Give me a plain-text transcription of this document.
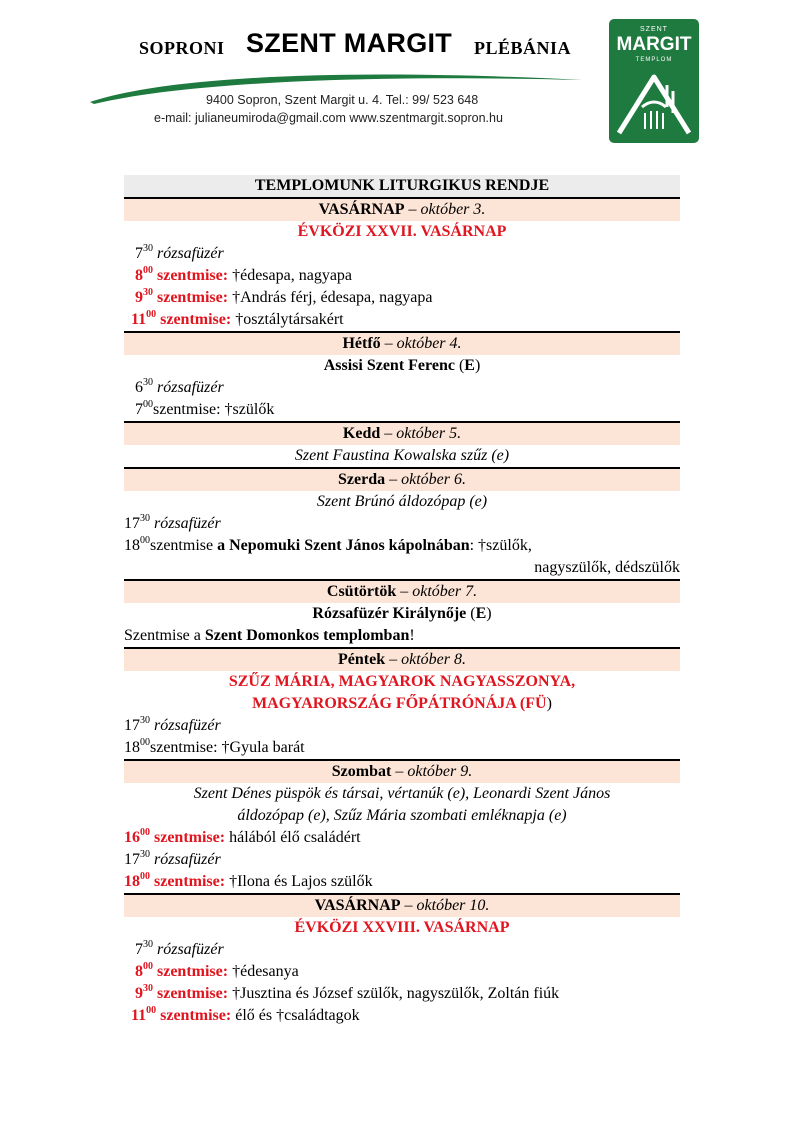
SOPRONI SZENT MARGIT PLÉBÁNIA
9400 Sopron, Szent Margit u. 4. Tel.: 99/ 523 648
e-mail: julianeumiroda@gmail.com www.szentmargit.sopron.hu
SZENT
MARGIT
TEMPLOM
TEMPLOMUNK LITURGIKUS RENDJE
VASÁRNAP – október 3.
ÉVKÖZI XXVII. VASÁRNAP
$7^{30}$ rózsafüzér
$8^{00}$ szentmise: †édesapa, nagyapa
$9^{30}$ szentmise: †András férj, édesapa, nagyapa
$11^{00}$ szentmise: †osztálytársakért
Hétfő – október 4.
Assisi Szent Ferenc (E)
$6^{30}$ rózsafüzér
$7^{00}szentmise$: †szülők
Kedd – október 5.
Szent Faustina Kowalska szűz (e)
Szerda – október 6.
Szent Brúnó áldozópap (e)
$17^{30}$ rózsafüzér
$18^{00}szentmise$ a Nepomuki Szent János kápolnában: †szülők,
nagyszülők, dédszülők
Csütörtök – október 7.
Rózsafüzér Királynője (E)
Szentmise a Szent Domonkos templomban!
Péntek – október 8.
SZŰZ MÁRIA, MAGYAROK NAGYASSZONYA,
MAGYARORSZÁG FŐPÁTRÓNÁJA (FÜ)
$17^{30}$ rózsafüzér
$18^{00}szentmise$: †Gyula barát
Szombat – október 9.
Szent Dénes püspök és társai, vértanúk (e), Leonardi Szent János
áldozópap (e), Szűz Mária szombati emléknapja (e)
$16^{00}$ szentmise: hálából élő családért
$17^{30}$ rózsafüzér
$18^{00}$ szentmise: †Ilona és Lajos szülők
VASÁRNAP – október 10.
ÉVKÖZI XXVIII. VASÁRNAP
$7^{30}$ rózsafüzér
$8^{00}$ szentmise: †édesanya
$9^{30}$ szentmise: †Jusztina és József szülők, nagyszülők, Zoltán fiúk
$11^{00}$ szentmise: élő és †családtagok
